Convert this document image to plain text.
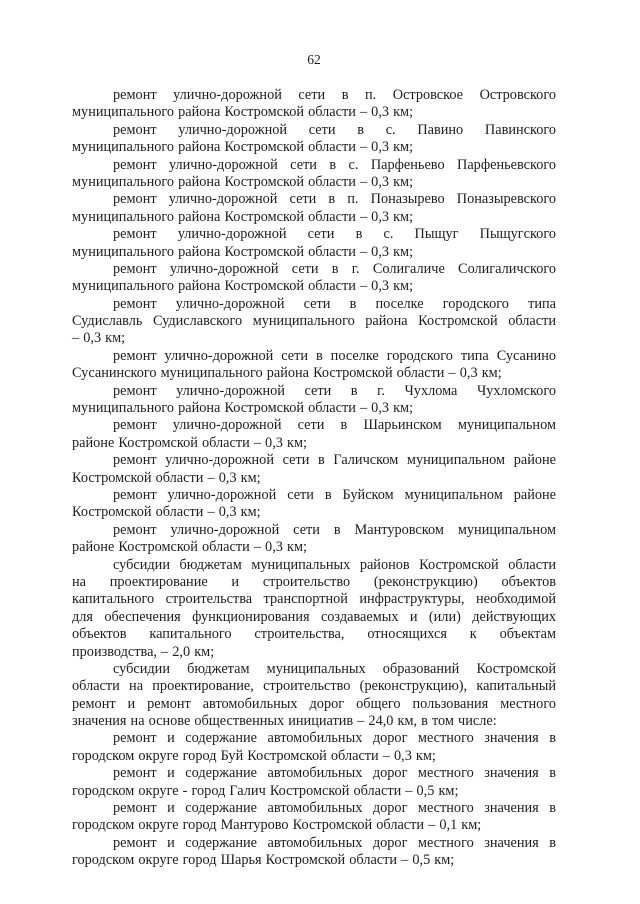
62
ремонт улично-дорожной сети в п. Островское Островского
муниципального района Костромской области – 0,3 км;
ремонт улично-дорожной сети в с. Павино Павинского
муниципального района Костромской области – 0,3 км;
ремонт улично-дорожной сети в с. Парфеньево Парфеньевского
муниципального района Костромской области – 0,3 км;
ремонт улично-дорожной сети в п. Поназырево Поназыревского
муниципального района Костромской области – 0,3 км;
ремонт улично-дорожной сети в с. Пыщуг Пыщугского
муниципального района Костромской области – 0,3 км;
ремонт улично-дорожной сети в г. Солигаличе Солигаличского
муниципального района Костромской области – 0,3 км;
ремонт улично-дорожной сети в поселке городского типа
Судиславль Судиславского муниципального района Костромской области
– 0,3 км;
ремонт улично-дорожной сети в поселке городского типа Сусанино
Сусанинского муниципального района Костромской области – 0,3 км;
ремонт улично-дорожной сети в г. Чухлома Чухломского
муниципального района Костромской области – 0,3 км;
ремонт улично-дорожной сети в Шарьинском муниципальном
районе Костромской области – 0,3 км;
ремонт улично-дорожной сети в Галичском муниципальном районе
Костромской области – 0,3 км;
ремонт улично-дорожной сети в Буйском муниципальном районе
Костромской области – 0,3 км;
ремонт улично-дорожной сети в Мантуровском муниципальном
районе Костромской области – 0,3 км;
субсидии бюджетам муниципальных районов Костромской области
на проектирование и строительство (реконструкцию) объектов
капитального строительства транспортной инфраструктуры, необходимой
для обеспечения функционирования создаваемых и (или) действующих
объектов капитального строительства, относящихся к объектам
производства, – 2,0 км;
субсидии бюджетам муниципальных образований Костромской
области на проектирование, строительство (реконструкцию), капитальный
ремонт и ремонт автомобильных дорог общего пользования местного
значения на основе общественных инициатив – 24,0 км, в том числе:
ремонт и содержание автомобильных дорог местного значения в
городском округе город Буй Костромской области – 0,3 км;
ремонт и содержание автомобильных дорог местного значения в
городском округе - город Галич Костромской области – 0,5 км;
ремонт и содержание автомобильных дорог местного значения в
городском округе город Мантурово Костромской области – 0,1 км;
ремонт и содержание автомобильных дорог местного значения в
городском округе город Шарья Костромской области – 0,5 км;
